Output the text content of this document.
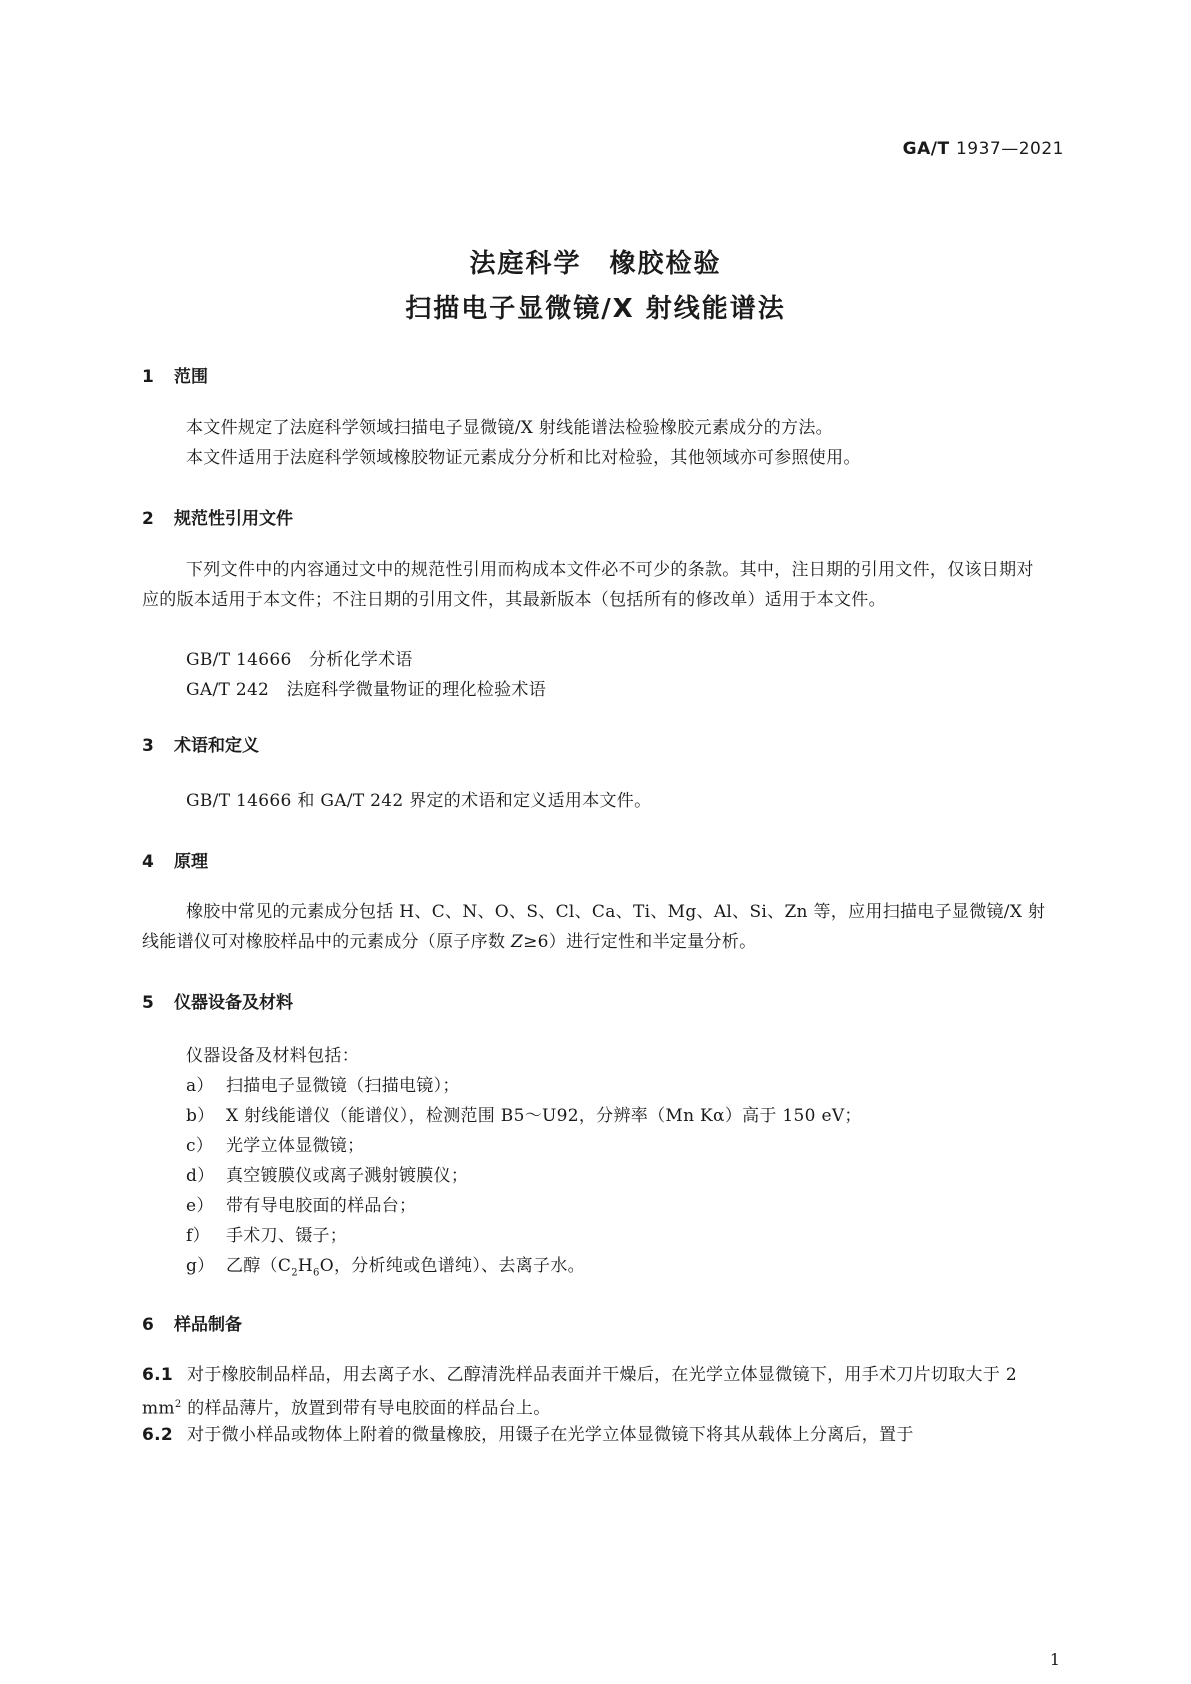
GA/T 1937—2021
法庭科学　橡胶检验
扫描电子显微镜/X 射线能谱法
1 范围

本文件规定了法庭科学领域扫描电子显微镜/X 射线能谱法检验橡胶元素成分的方法。

本文件适用于法庭科学领域橡胶物证元素成分分析和比对检验，其他领域亦可参照使用。

2 规范性引用文件

下列文件中的内容通过文中的规范性引用而构成本文件必不可少的条款。其中，注日期的引用文件，仅该日期对应的版本适用于本文件；不注日期的引用文件，其最新版本（包括所有的修改单）适用于本文件。

GB/T 14666　 分析化学术语
GA/T 242　 法庭科学微量物证的理化检验术语
3 术语和定义
GB/T 14666 和 GA/T 242 界定的术语和定义适用本文件。
4 原理

橡胶中常见的元素成分包括 H、C、N、O、S、Cl、Ca、Ti、Mg、Al、Si、Zn 等，应用扫描电子显微镜/X 射线能谱仪可对橡胶样品中的元素成分（原子序数 Z≥6）进行定性和半定量分析。

5 仪器设备及材料
仪器设备及材料包括：
a） 扫描电子显微镜（扫描电镜）；
b） X 射线能谱仪（能谱仪），检测范围 B5～U92，分辨率（Mn Kα）高于 150 eV；
c） 光学立体显微镜；
d） 真空镀膜仪或离子溅射镀膜仪；
e） 带有导电胶面的样品台；
f） 手术刀、镊子；
g） 乙醇（$C_2H_6O$，分析纯或色谱纯）、去离子水。
6 样品制备
6.1 对于橡胶制品样品，用去离子水、乙醇清洗样品表面并干燥后，在光学立体显微镜下，用手术刀片切取大于 2 $mm^2$ 的样品薄片，放置到带有导电胶面的样品台上。
6.2 对于微小样品或物体上附着的微量橡胶，用镊子在光学立体显微镜下将其从载体上分离后，置于
1
